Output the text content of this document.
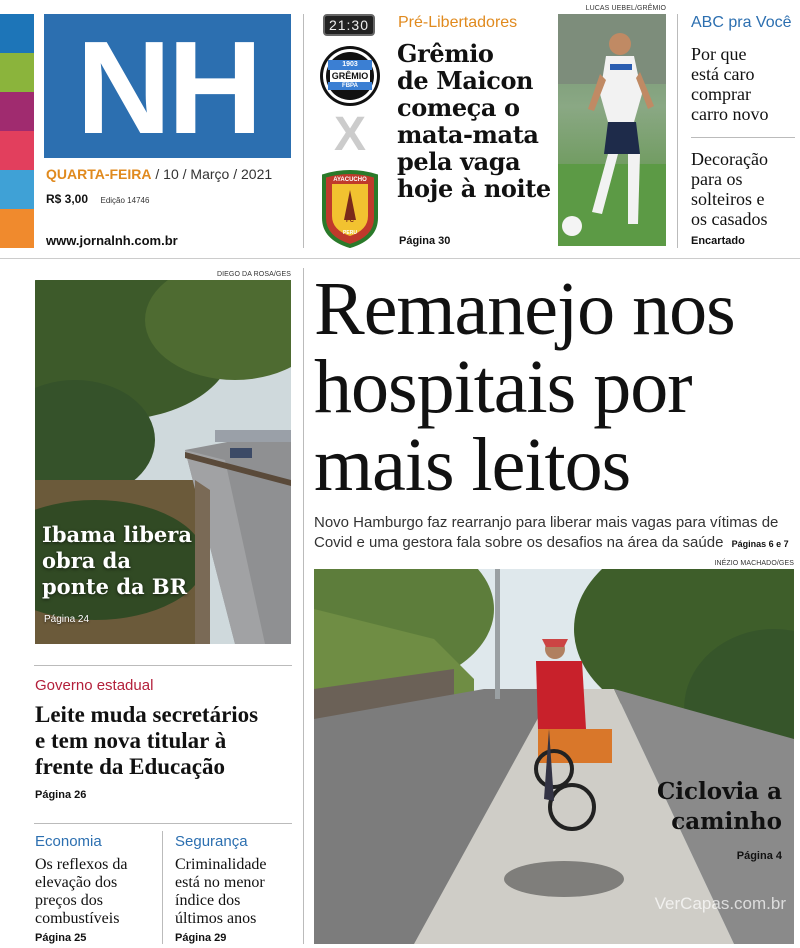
NH
QUARTA-FEIRA / 10 / Março / 2021
R$ 3,00 Edição 14746
www.jornalnh.com.br
21:30
1903
GRÊMIO
FBPA
X
AYACUCHO
FC
PERU
Pré-Libertadores
Grêmio
de Maicon
começa o
mata-mata
pela vaga
hoje à noite
Página 30
LUCAS UEBEL/GRÊMIO
ABC pra Você
Por que
está caro
comprar
carro novo
Decoração
para os
solteiros e
os casados
Encartado
DIEGO DA ROSA/GES
Ibama libera
obra da
ponte da BR
Página 24
Remanejo nos
hospitais por
mais leitos
Novo Hamburgo faz rearranjo para liberar mais vagas para vítimas de
Covid e uma gestora fala sobre os desafios na área da saúde Páginas 6 e 7
INÉZIO MACHADO/GES
Ciclovia a
caminho
Página 4
VerCapas.com.br
Governo estadual
Leite muda secretários
e tem nova titular à
frente da Educação
Página 26
Economia
Os reflexos da
elevação dos
preços dos
combustíveis
Página 25
Segurança
Criminalidade
está no menor
índice dos
últimos anos
Página 29
